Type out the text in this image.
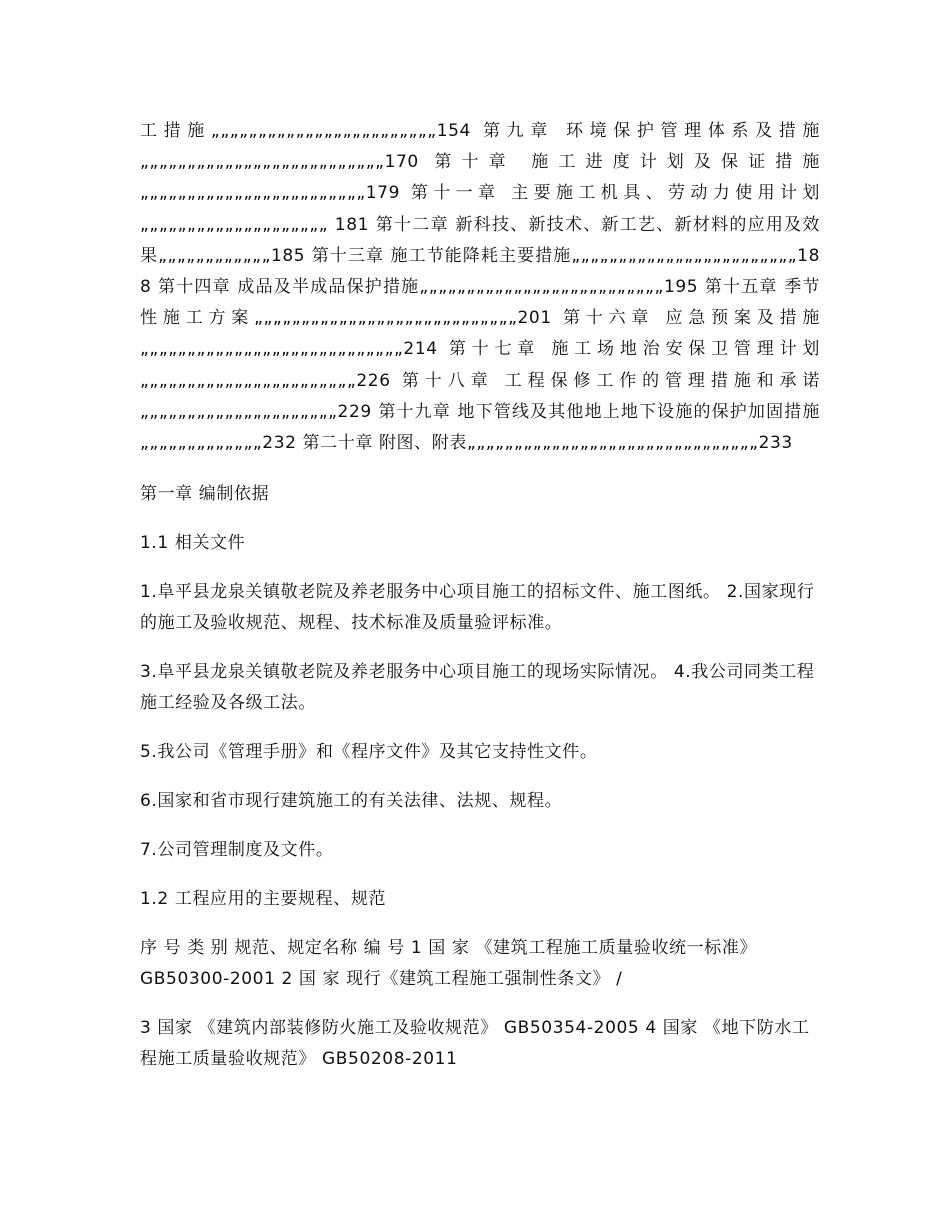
工措施„„„„„„„„„„„„„„„„„„„„„„„„154 第九章 环境保护管理体系及措施„„„„„„„„„„„„„„„„„„„„„„„„„„170 第十章 施工进度计划及保证措施„„„„„„„„„„„„„„„„„„„„„„„„179 第十一章 主要施工机具、劳动力使用计划„„„„„„„„„„„„„„„„„„„„ 181 第十二章 新科技、新技术、新工艺、新材料的应用及效果„„„„„„„„„„„„185 第十三章 施工节能降耗主要措施„„„„„„„„„„„„„„„„„„„„„„„„188 第十四章 成品及半成品保护措施„„„„„„„„„„„„„„„„„„„„„„„„„„195 第十五章 季节性施工方案„„„„„„„„„„„„„„„„„„„„„„„„„„„„201 第十六章 应急预案及措施„„„„„„„„„„„„„„„„„„„„„„„„„„„„214 第十七章 施工场地治安保卫管理计划„„„„„„„„„„„„„„„„„„„„„„„226 第十八章 工程保修工作的管理措施和承诺„„„„„„„„„„„„„„„„„„„„„229 第十九章 地下管线及其他地上地下设施的保护加固措施„„„„„„„„„„„„„232 第二十章 附图、附表„„„„„„„„„„„„„„„„„„„„„„„„„„„„„„„233

第一章 编制依据

1.1 相关文件

1.阜平县龙泉关镇敬老院及养老服务中心项目施工的招标文件、施工图纸。 2.国家现行的施工及验收规范、规程、技术标准及质量验评标准。

3.阜平县龙泉关镇敬老院及养老服务中心项目施工的现场实际情况。 4.我公司同类工程施工经验及各级工法。

5.我公司《管理手册》和《程序文件》及其它支持性文件。

6.国家和省市现行建筑施工的有关法律、法规、规程。

7.公司管理制度及文件。

1.2 工程应用的主要规程、规范

序 号 类 别 规范、规定名称 编 号 1 国 家 《建筑工程施工质量验收统一标准》 GB50300-2001 2 国 家 现行《建筑工程施工强制性条文》 /

3 国家 《建筑内部装修防火施工及验收规范》 GB50354-2005 4 国家 《地下防水工程施工质量验收规范》 GB50208-2011
